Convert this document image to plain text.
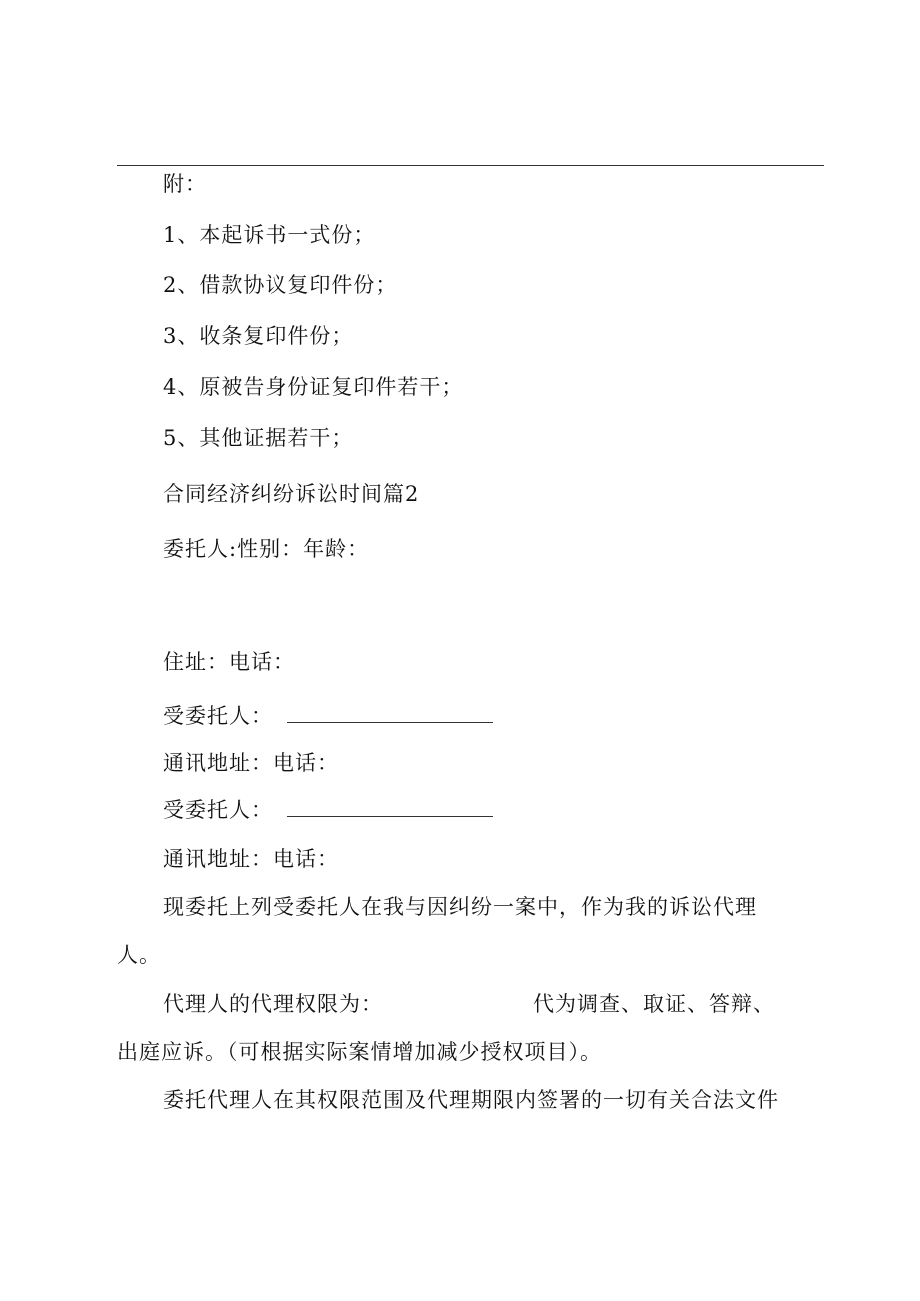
附：
1、本起诉书一式份；
2、借款协议复印件份；
3、收条复印件份；
4、原被告身份证复印件若干；
5、其他证据若干；
合同经济纠纷诉讼时间篇2
委托人:性别：年龄：
住址：电话：
受委托人：
通讯地址：电话：
受委托人：
通讯地址：电话：
现委托上列受委托人在我与因纠纷一案中，作为我的诉讼代理
人。
代理人的代理权限为：	代为调查、取证、答辩、
出庭应诉。（可根据实际案情增加减少授权项目）。
委托代理人在其权限范围及代理期限内签署的一切有关合法文件
